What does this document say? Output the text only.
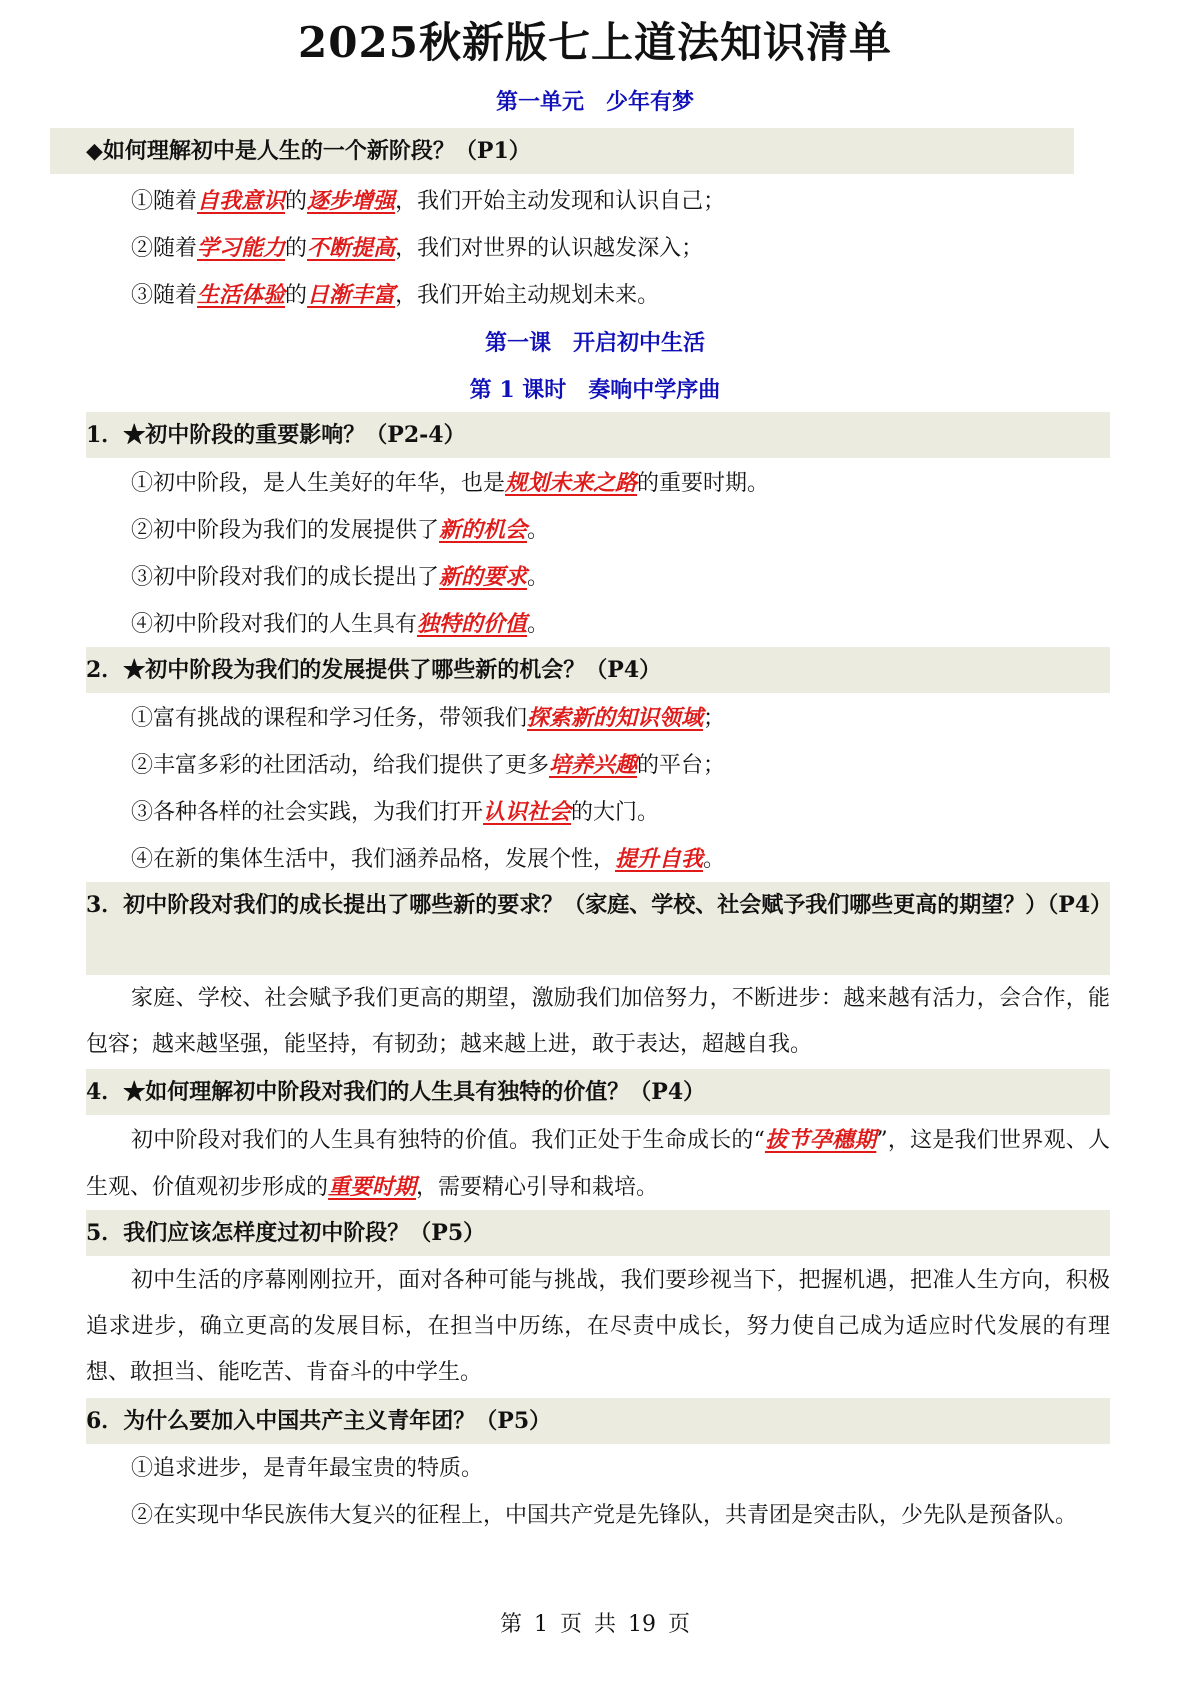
2025秋新版七上道法知识清单
第一单元　少年有梦
◆如何理解初中是人生的一个新阶段？（P1）
①随着自我意识的逐步增强，我们开始主动发现和认识自己；
②随着学习能力的不断提高，我们对世界的认识越发深入；
③随着生活体验的日渐丰富，我们开始主动规划未来。
第一课　开启初中生活
第 1 课时　奏响中学序曲
1．★初中阶段的重要影响？（P2-4）
①初中阶段，是人生美好的年华，也是规划未来之路的重要时期。
②初中阶段为我们的发展提供了新的机会。
③初中阶段对我们的成长提出了新的要求。
④初中阶段对我们的人生具有独特的价值。
2．★初中阶段为我们的发展提供了哪些新的机会？（P4）
①富有挑战的课程和学习任务，带领我们探索新的知识领域；
②丰富多彩的社团活动，给我们提供了更多培养兴趣的平台；
③各种各样的社会实践，为我们打开认识社会的大门。
④在新的集体生活中，我们涵养品格，发展个性，提升自我。
3．初中阶段对我们的成长提出了哪些新的要求？（家庭、学校、社会赋予我们哪些更高的期望？）（P4）
家庭、学校、社会赋予我们更高的期望，激励我们加倍努力，不断进步：越来越有活力，会合作，能包容；越来越坚强，能坚持，有韧劲；越来越上进，敢于表达，超越自我。
4．★如何理解初中阶段对我们的人生具有独特的价值？（P4）
初中阶段对我们的人生具有独特的价值。我们正处于生命成长的“拔节孕穗期”，这是我们世界观、人生观、价值观初步形成的重要时期，需要精心引导和栽培。
5．我们应该怎样度过初中阶段？（P5）
初中生活的序幕刚刚拉开，面对各种可能与挑战，我们要珍视当下，把握机遇，把准人生方向，积极追求进步，确立更高的发展目标，在担当中历练，在尽责中成长，努力使自己成为适应时代发展的有理想、敢担当、能吃苦、肯奋斗的中学生。
6．为什么要加入中国共产主义青年团？（P5）
①追求进步，是青年最宝贵的特质。
②在实现中华民族伟大复兴的征程上，中国共产党是先锋队，共青团是突击队，少先队是预备队。
第 1 页 共 19 页
